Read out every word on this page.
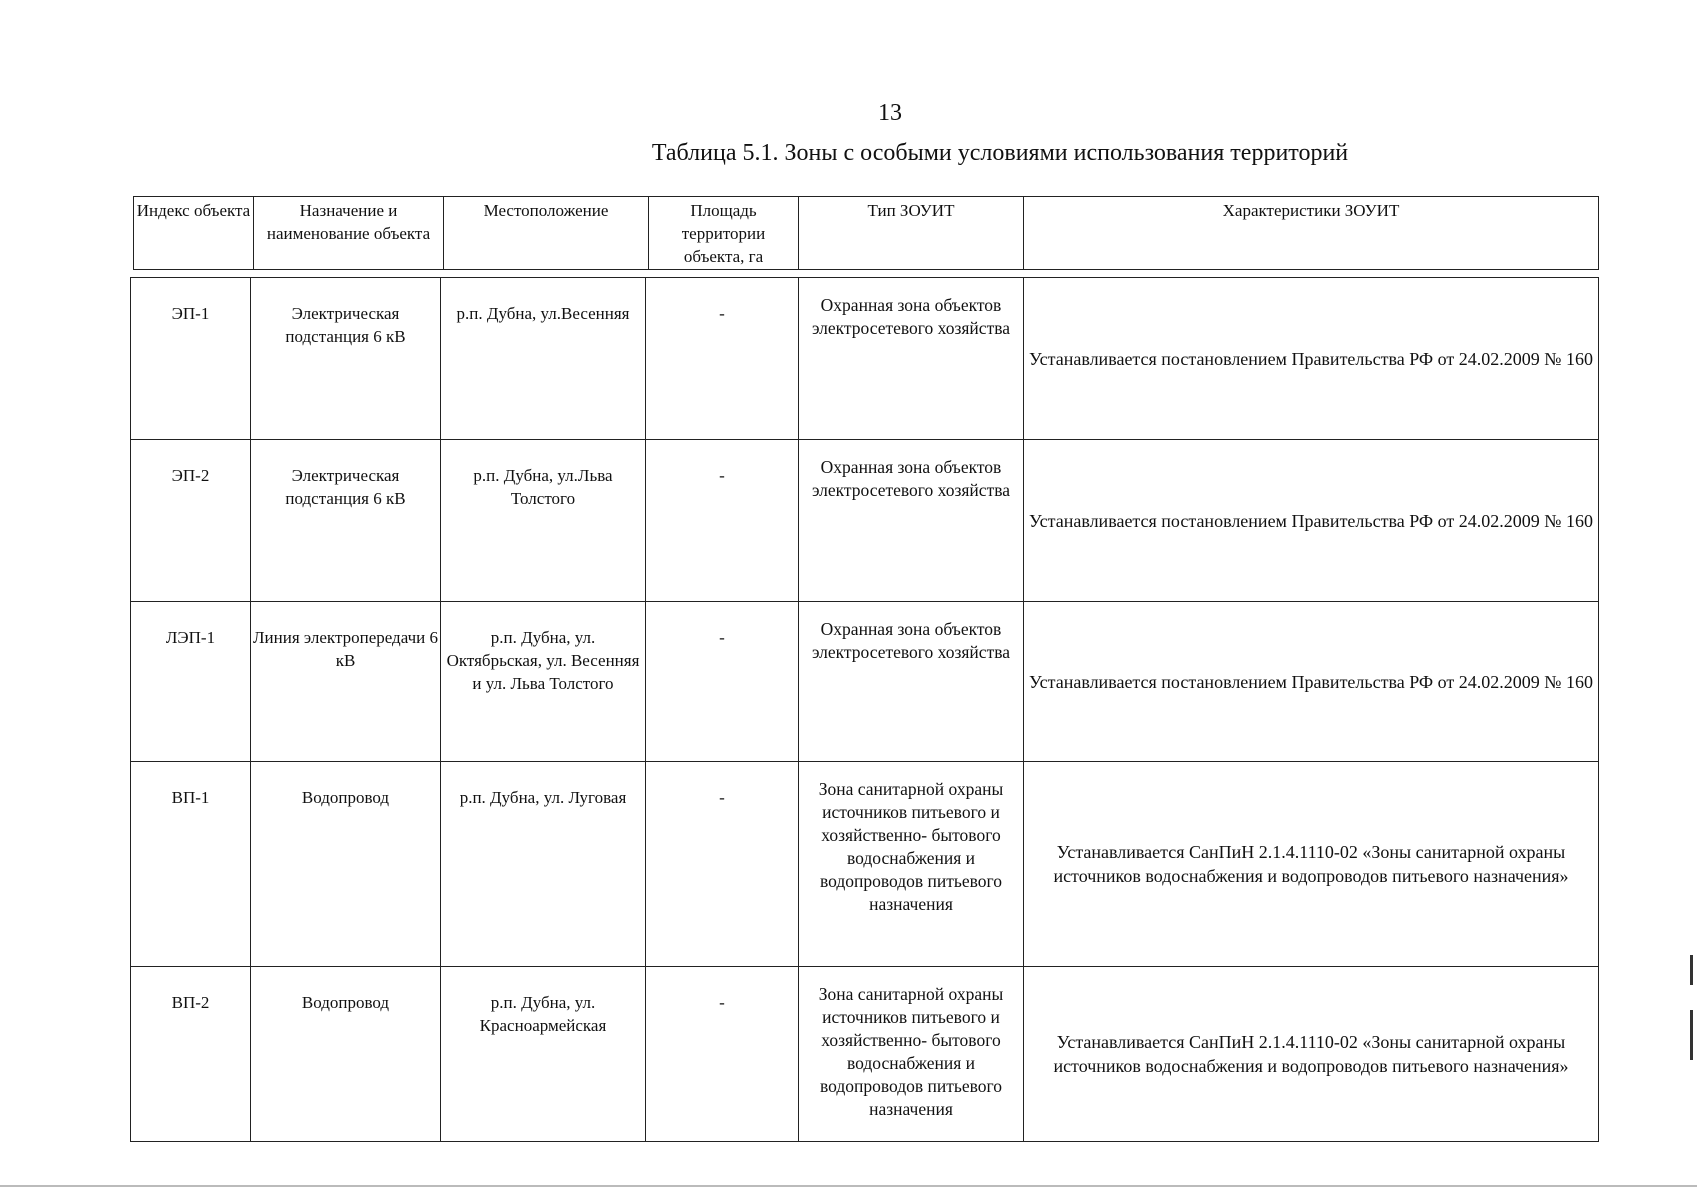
13
Таблица 5.1. Зоны с особыми условиями использования территорий
Индекс объекта	Назначение и наименование объекта	Местоположение	Площадь территории объекта, га	Тип ЗОУИТ	Характеристики ЗОУИТ
ЭП-1	Электрическая подстанция 6 кВ	р.п. Дубна, ул.Весенняя	-	Охранная зона объектов электросетевого хозяйства	Устанавливается постановлением Правительства РФ от 24.02.2009 № 160
ЭП-2	Электрическая подстанция 6 кВ	р.п. Дубна, ул.Льва Толстого	-	Охранная зона объектов электросетевого хозяйства	Устанавливается постановлением Правительства РФ от 24.02.2009 № 160
ЛЭП-1	Линия электропередачи 6 кВ	р.п. Дубна, ул. Октябрьская, ул. Весенняя и ул. Льва Толстого	-	Охранная зона объектов электросетевого хозяйства	Устанавливается постановлением Правительства РФ от 24.02.2009 № 160
ВП-1	Водопровод	р.п. Дубна, ул. Луговая	-	Зона санитарной охраны источников питьевого и хозяйственно- бытового водоснабжения и водопроводов питьевого назначения	Устанавливается СанПиН 2.1.4.1110-02 «Зоны санитарной охраны источников водоснабжения и водопроводов питьевого назначения»
ВП-2	Водопровод	р.п. Дубна, ул. Красноармейская	-	Зона санитарной охраны источников питьевого и хозяйственно- бытового водоснабжения и водопроводов питьевого назначения	Устанавливается СанПиН 2.1.4.1110-02 «Зоны санитарной охраны источников водоснабжения и водопроводов питьевого назначения»
